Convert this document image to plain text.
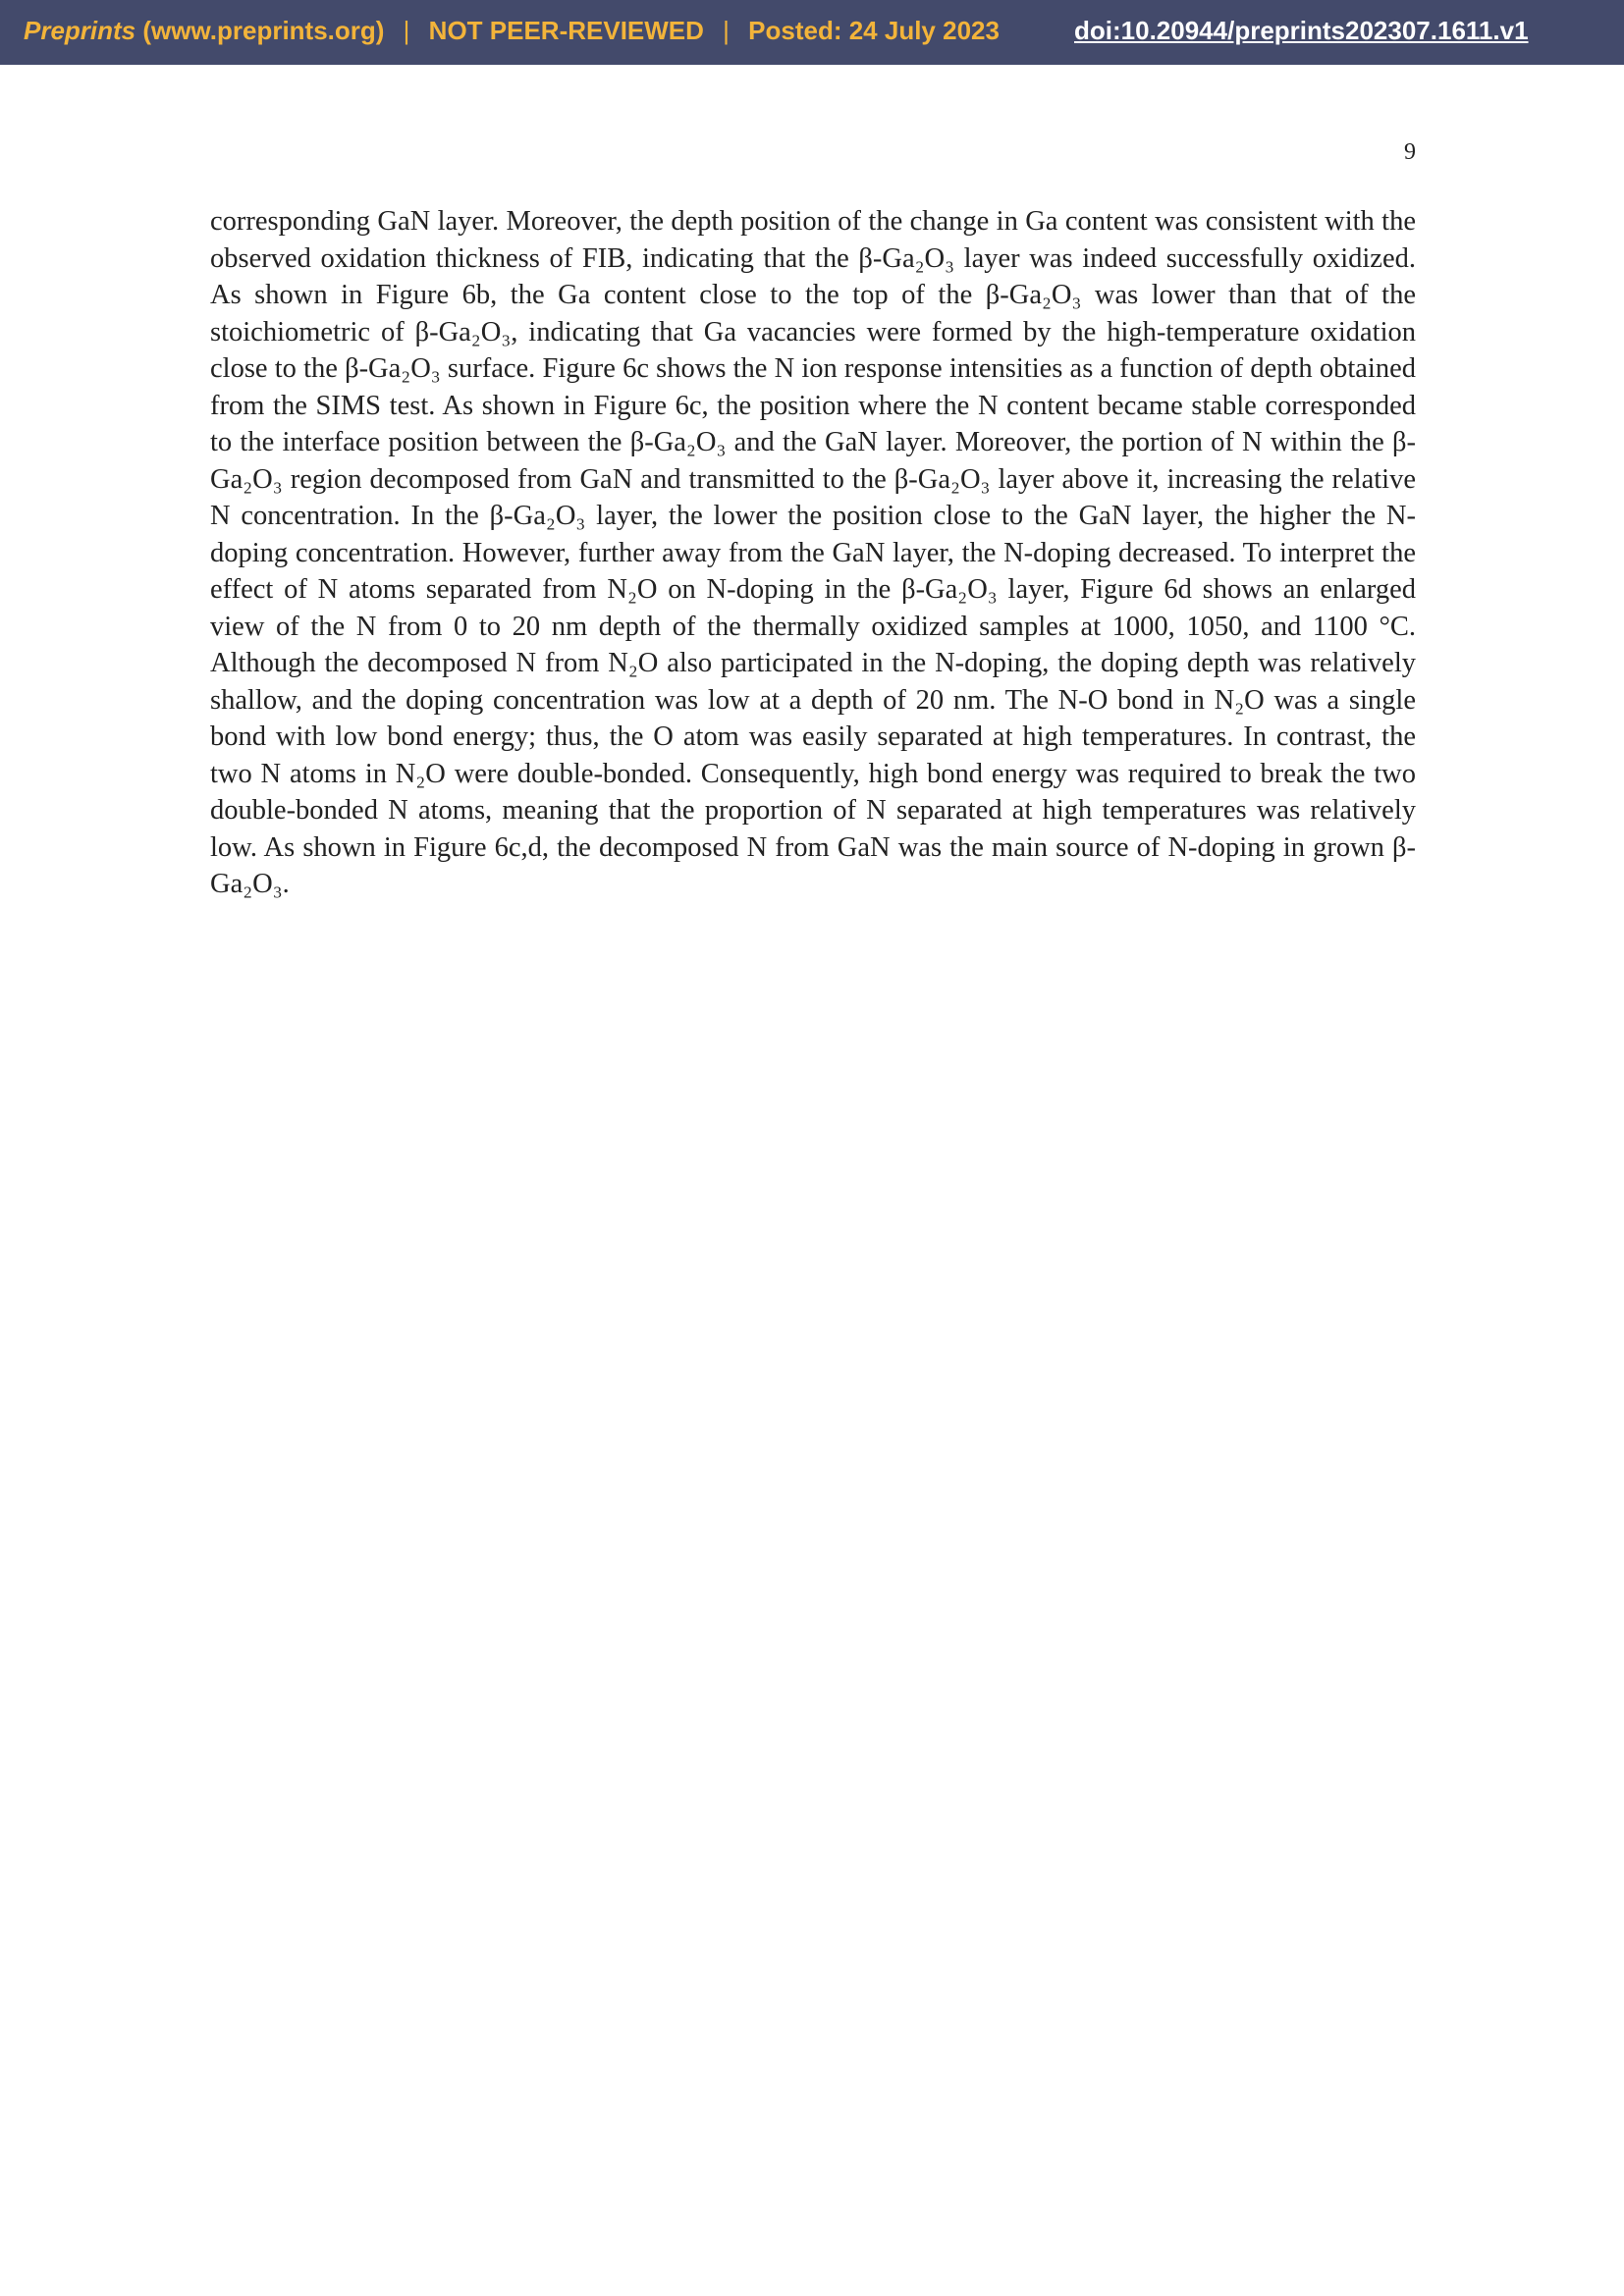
Preprints (www.preprints.org) | NOT PEER-REVIEWED | Posted: 24 July 2023	doi:10.20944/preprints202307.1611.v1
9

corresponding GaN layer. Moreover, the depth position of the change in Ga content was consistent with the observed oxidation thickness of FIB, indicating that the β-Ga₂O₃ layer was indeed successfully oxidized. As shown in Figure 6b, the Ga content close to the top of the β-Ga₂O₃ was lower than that of the stoichiometric of β-Ga₂O₃, indicating that Ga vacancies were formed by the high-temperature oxidation close to the β-Ga₂O₃ surface. Figure 6c shows the N ion response intensities as a function of depth obtained from the SIMS test. As shown in Figure 6c, the position where the N content became stable corresponded to the interface position between the β-Ga₂O₃ and the GaN layer. Moreover, the portion of N within the β-Ga₂O₃ region decomposed from GaN and transmitted to the β-Ga₂O₃ layer above it, increasing the relative N concentration. In the β-Ga₂O₃ layer, the lower the position close to the GaN layer, the higher the N-doping concentration. However, further away from the GaN layer, the N-doping decreased. To interpret the effect of N atoms separated from N₂O on N-doping in the β-Ga₂O₃ layer, Figure 6d shows an enlarged view of the N from 0 to 20 nm depth of the thermally oxidized samples at 1000, 1050, and 1100 °C. Although the decomposed N from N₂O also participated in the N-doping, the doping depth was relatively shallow, and the doping concentration was low at a depth of 20 nm. The N-O bond in N₂O was a single bond with low bond energy; thus, the O atom was easily separated at high temperatures. In contrast, the two N atoms in N₂O were double-bonded. Consequently, high bond energy was required to break the two double-bonded N atoms, meaning that the proportion of N separated at high temperatures was relatively low. As shown in Figure 6c,d, the decomposed N from GaN was the main source of N-doping in grown β-Ga₂O₃.
